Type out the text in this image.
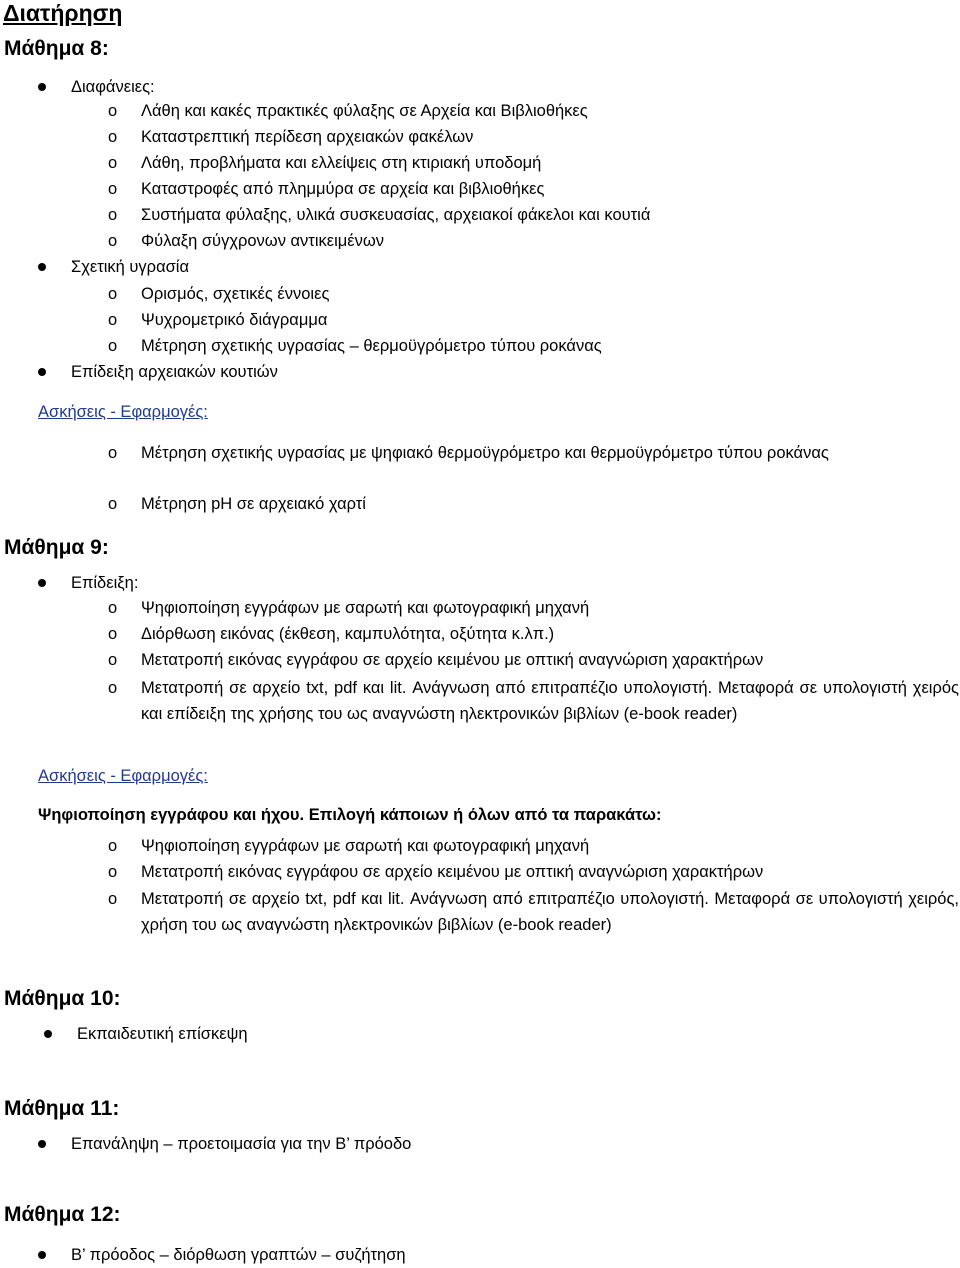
Διατήρηση
Μάθημα 8:
Διαφάνειες:
o Λάθη και κακές πρακτικές φύλαξης σε Αρχεία και Βιβλιοθήκες
o Καταστρεπτική περίδεση αρχειακών φακέλων
o Λάθη, προβλήματα και ελλείψεις στη κτιριακή υποδομή
o Καταστροφές από πλημμύρα σε αρχεία και βιβλιοθήκες
o Συστήματα φύλαξης, υλικά συσκευασίας, αρχειακοί φάκελοι και κουτιά
o Φύλαξη σύγχρονων αντικειμένων
Σχετική υγρασία
o Ορισμός, σχετικές έννοιες
o Ψυχρομετρικό διάγραμμα
o Μέτρηση σχετικής υγρασίας – θερμοϋγρόμετρο τύπου ροκάνας
Επίδειξη αρχειακών κουτιών
Ασκήσεις - Εφαρμογές:
o Μέτρηση σχετικής υγρασίας με ψηφιακό θερμοϋγρόμετρο και θερμοϋγρόμετρο τύπου ροκάνας
o Μέτρηση pH σε αρχειακό χαρτί
Μάθημα 9:
Επίδειξη:
o Ψηφιοποίηση εγγράφων με σαρωτή και φωτογραφική μηχανή
o Διόρθωση εικόνας (έκθεση, καμπυλότητα, οξύτητα κ.λπ.)
o Μετατροπή εικόνας εγγράφου σε αρχείο κειμένου με οπτική αναγνώριση χαρακτήρων
o Μετατροπή σε αρχείο txt, pdf και lit. Ανάγνωση από επιτραπέζιο υπολογιστή. Μεταφορά σε υπολογιστή χειρός και επίδειξη της χρήσης του ως αναγνώστη ηλεκτρονικών βιβλίων (e-book reader)
Ασκήσεις - Εφαρμογές:
Ψηφιοποίηση εγγράφου και ήχου. Επιλογή κάποιων ή όλων από τα παρακάτω:
o Ψηφιοποίηση εγγράφων με σαρωτή και φωτογραφική μηχανή
o Μετατροπή εικόνας εγγράφου σε αρχείο κειμένου με οπτική αναγνώριση χαρακτήρων
o Μετατροπή σε αρχείο txt, pdf και lit. Ανάγνωση από επιτραπέζιο υπολογιστή. Μεταφορά σε υπολογιστή χειρός, χρήση του ως αναγνώστη ηλεκτρονικών βιβλίων (e-book reader)
Μάθημα 10:
Εκπαιδευτική επίσκεψη
Μάθημα 11:
Επανάληψη – προετοιμασία για την Β’ πρόοδο
Μάθημα 12:
Β’ πρόοδος – διόρθωση γραπτών – συζήτηση
